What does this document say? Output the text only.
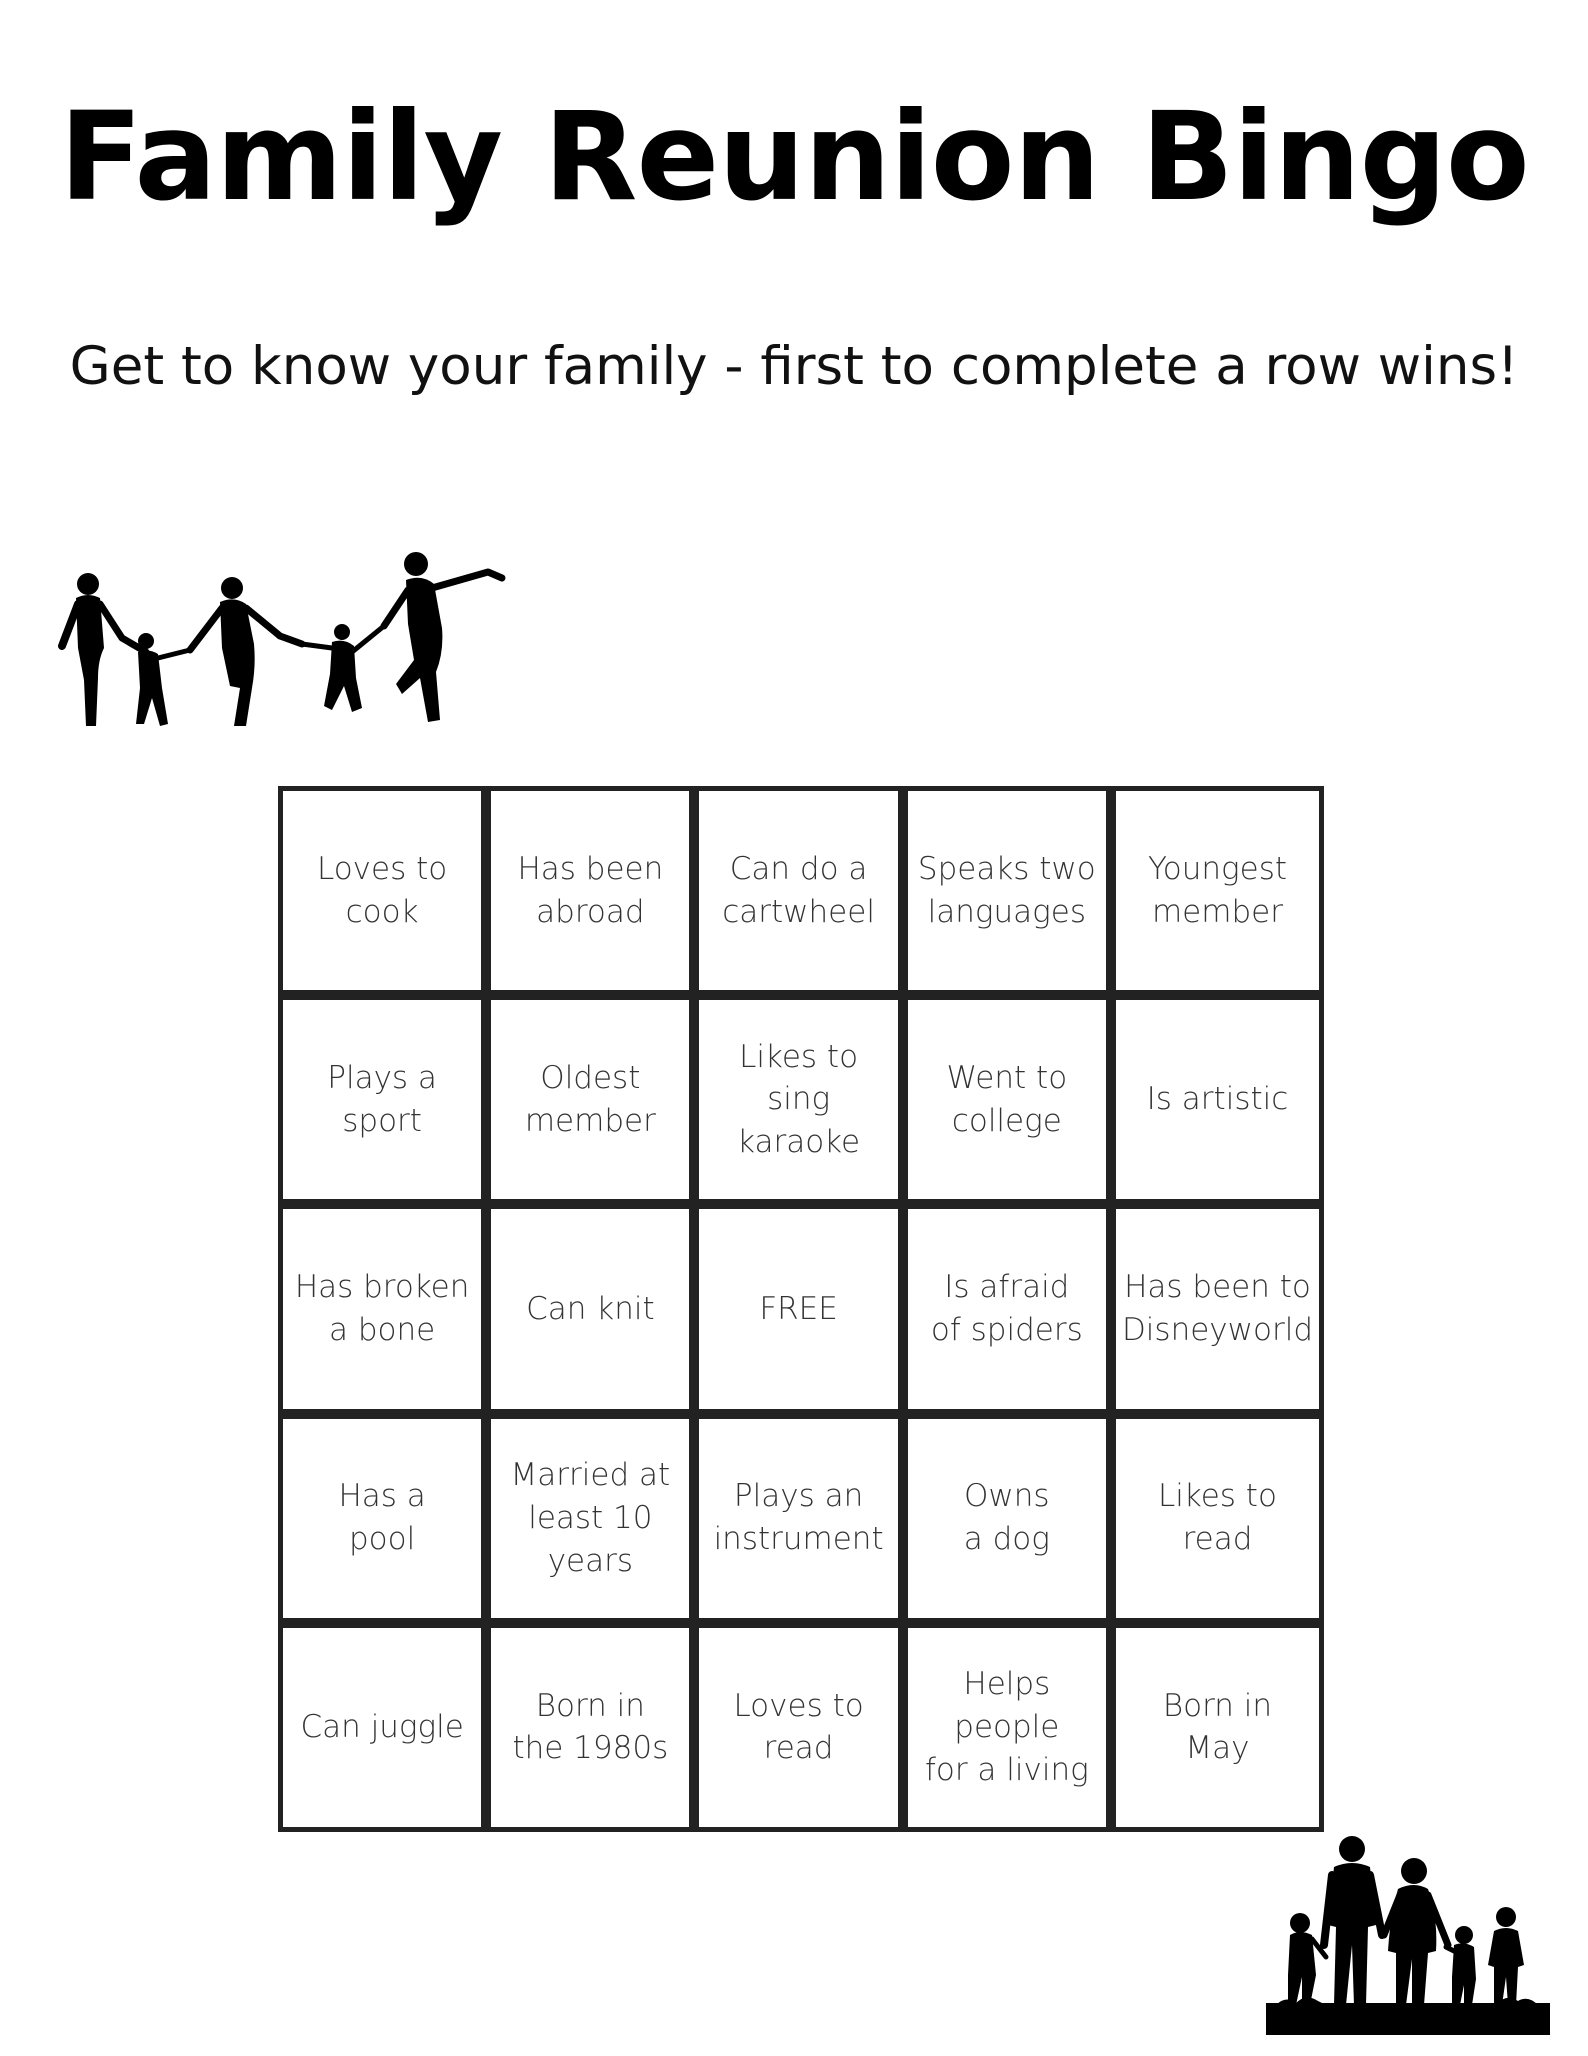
Family Reunion Bingo
Get to know your family - first to complete a row wins!
Loves to
cook
Has been
abroad
Can do a
cartwheel
Speaks two
languages
Youngest
member
Plays a sport
Oldest
member
Likes to sing
karaoke
Went to
college
Is artistic
Has broken
a bone
Can knit	FREE
Is afraid
of spiders
Has been to
Disneyworld
Has a
pool
Married at
least 10 years
Plays an
instrument
Owns
a dog
Likes to
read
Can juggle
Born in
the 1980s
Loves to
read
Helps people
for a living
Born in
May
